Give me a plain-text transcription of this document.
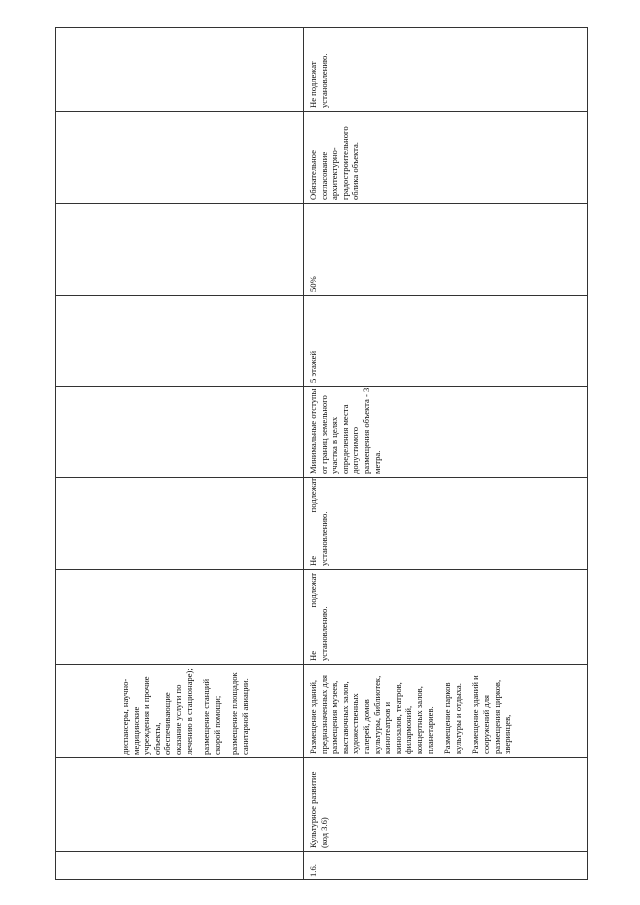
диспансеры, научно-медицинские учреждения и прочие объекты, обеспечивающие оказание услуги по лечению в стационаре); размещение станций скорой помощи; размещение площадок санитарной авиации.

1.6.
Культурное развитие (код 3.6)

Размещение зданий, предназначенных для размещения музеев, выставочных залов, художественных галерей, домов культуры, библиотек, кинотеатров и кинозалов, театров, филармоний, концертных залов, планетариев. Размещение парков культуры и отдыха. Размещение зданий и сооружений для размещения цирков, зверинцев,

Не подлежат установлению.
Не подлежат установлению.
Минимальные отступы от границ земельного участка в целях определения места допустимого размещения объекта - 3 метра.
5 этажей
50%
Обязательное согласование архитектурно-градостроительного облика объекта.
Не подлежат установлению.
